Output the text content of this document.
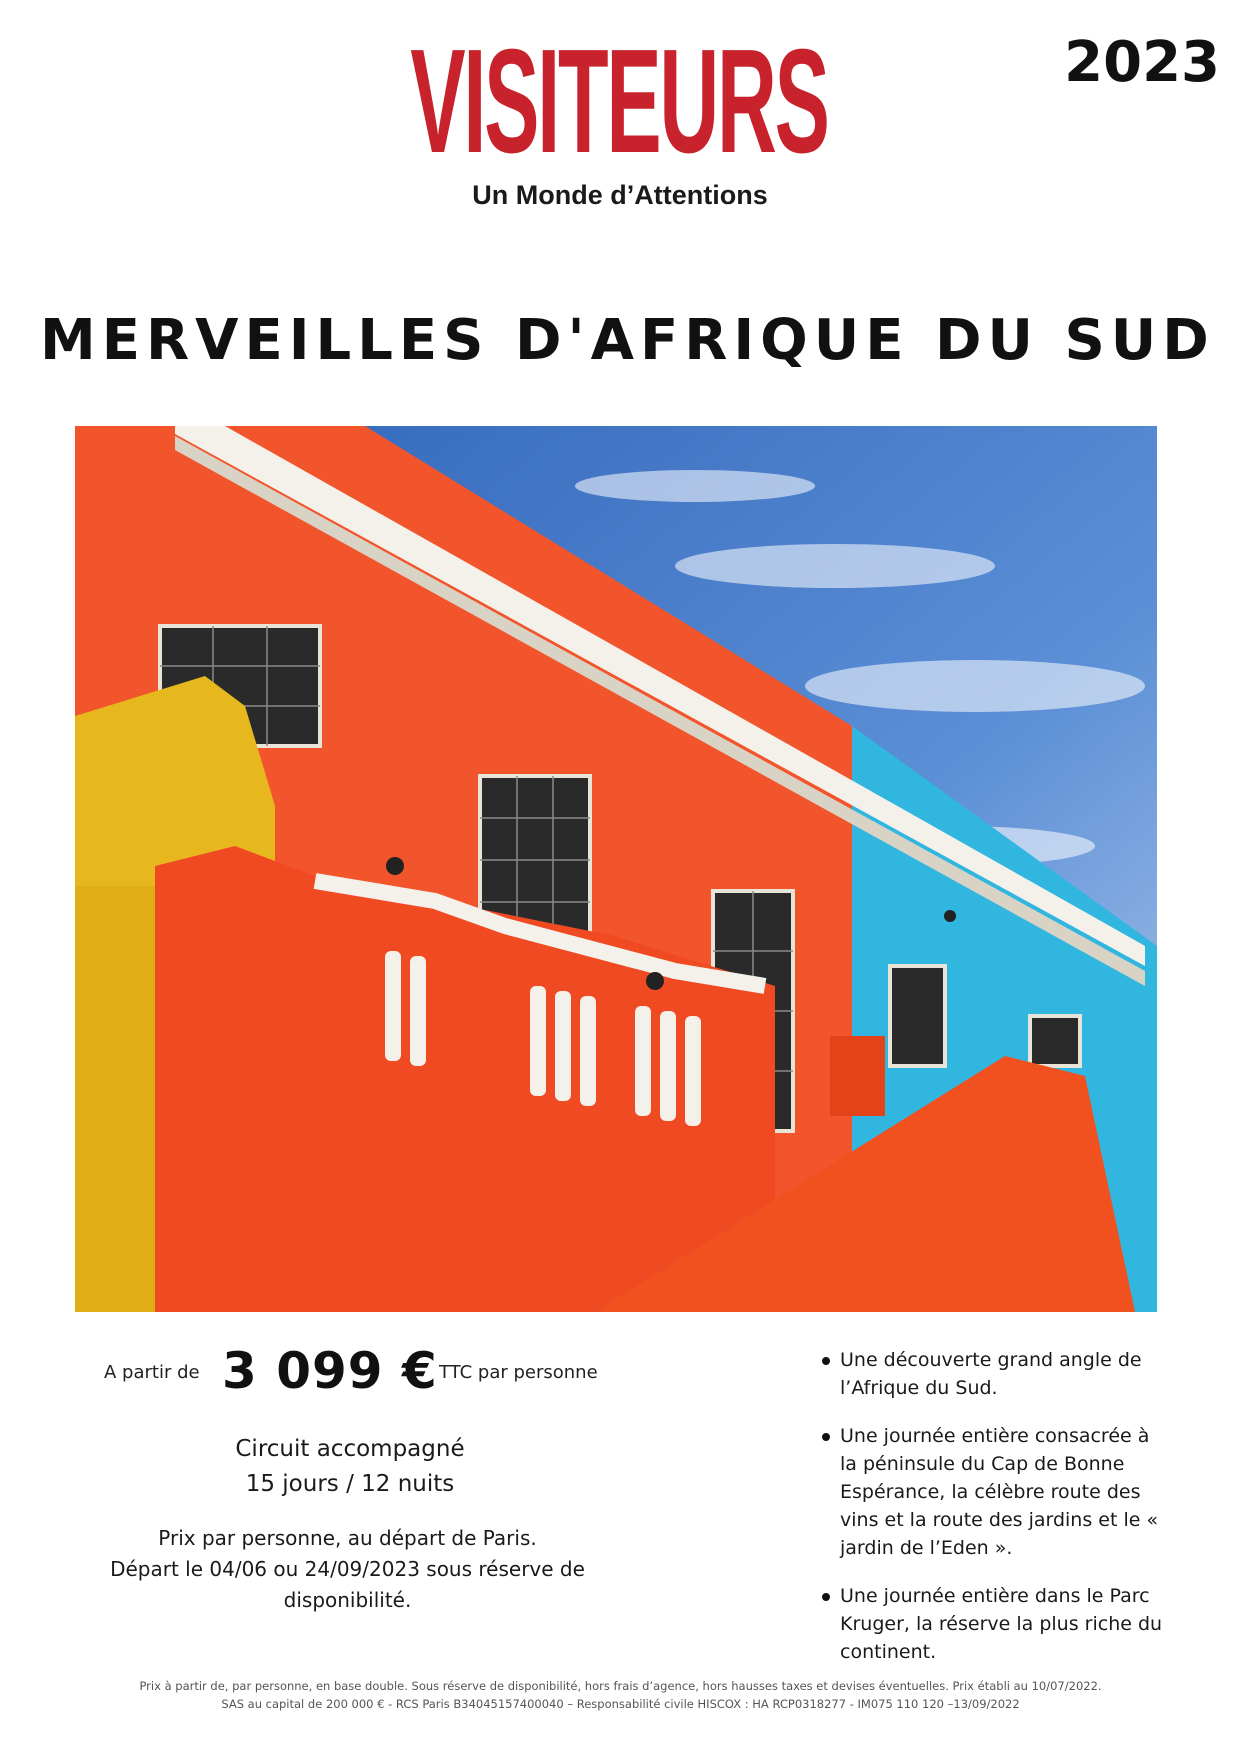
VISITEURS
Un Monde d’Attentions
2023
MERVEILLES D'AFRIQUE DU SUD
A partir de 3 099 € TTC par personne
Circuit accompagné
15 jours / 12 nuits
Prix par personne, au départ de Paris.
Départ le 04/06 ou 24/09/2023 sous réserve de
disponibilité.
Une découverte grand angle de l’Afrique du Sud.
Une journée entière consacrée à la péninsule du Cap de Bonne Espérance, la célèbre route des vins et la route des jardins et le « jardin de l’Eden ».
Une journée entière dans le Parc Kruger, la réserve la plus riche du continent.
Prix à partir de, par personne, en base double. Sous réserve de disponibilité, hors frais d’agence, hors hausses taxes et devises éventuelles. Prix établi au 10/07/2022.
SAS au capital de 200 000 € - RCS Paris B34045157400040 – Responsabilité civile HISCOX : HA RCP0318277 - IM075 110 120 –13/09/2022
